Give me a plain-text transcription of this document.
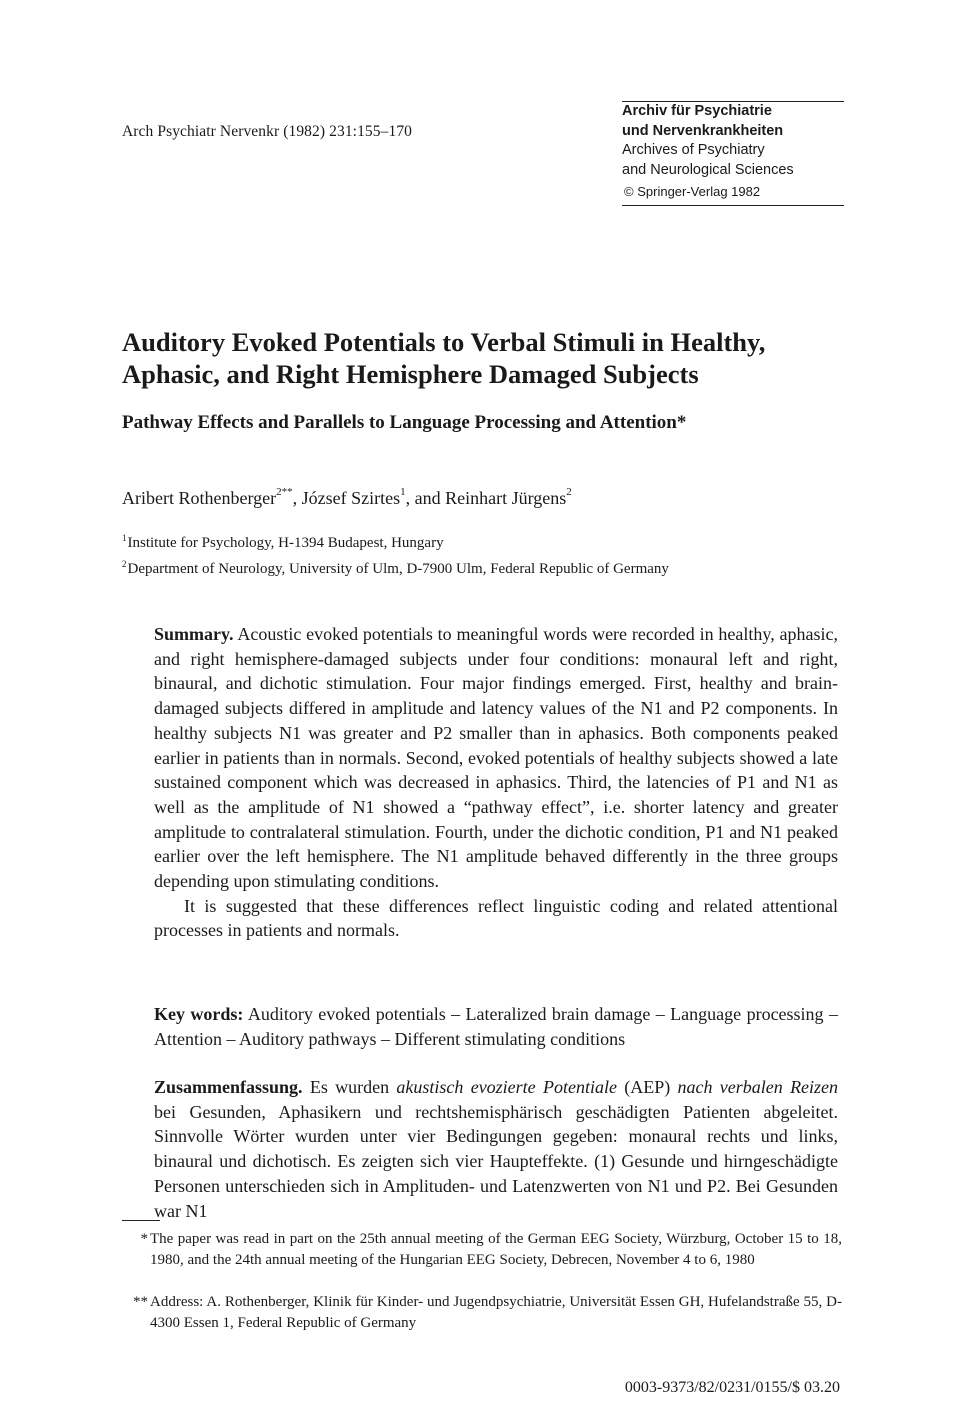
Arch Psychiatr Nervenkr (1982) 231:155–170
Archiv für Psychiatrie
und Nervenkrankheiten
Archives of Psychiatry
and Neurological Sciences
© Springer-Verlag 1982
Auditory Evoked Potentials to Verbal Stimuli in Healthy,
Aphasic, and Right Hemisphere Damaged Subjects
Pathway Effects and Parallels to Language Processing and Attention*
Aribert Rothenberger$^{2**}$, József Szirtes$^1$, and Reinhart Jürgens$^2$
$^1$Institute for Psychology, H-1394 Budapest, Hungary
$^2$Department of Neurology, University of Ulm, D-7900 Ulm, Federal Republic of Germany
Summary. Acoustic evoked potentials to meaningful words were recorded in healthy, aphasic, and right hemisphere-damaged subjects under four conditions: monaural left and right, binaural, and dichotic stimulation. Four major findings emerged. First, healthy and brain-damaged subjects differed in amplitude and latency values of the N1 and P2 components. In healthy subjects N1 was greater and P2 smaller than in aphasics. Both components peaked earlier in patients than in normals. Second, evoked potentials of healthy subjects showed a late sustained component which was decreased in aphasics. Third, the latencies of P1 and N1 as well as the amplitude of N1 showed a “pathway effect”, i.e. shorter latency and greater amplitude to contralateral stimulation. Fourth, under the dichotic condition, P1 and N1 peaked earlier over the left hemisphere. The N1 amplitude behaved differently in the three groups depending upon stimulating conditions.
It is suggested that these differences reflect linguistic coding and related attentional processes in patients and normals.
Key words: Auditory evoked potentials – Lateralized brain damage – Language processing – Attention – Auditory pathways – Different stimulating conditions
Zusammenfassung. Es wurden akustisch evozierte Potentiale (AEP) nach verbalen Reizen bei Gesunden, Aphasikern und rechtshemisphärisch geschädigten Patienten abgeleitet. Sinnvolle Wörter wurden unter vier Bedingungen gegeben: monaural rechts und links, binaural und dichotisch. Es zeigten sich vier Haupteffekte. (1) Gesunde und hirngeschädigte Personen unterschieden sich in Amplituden- und Latenzwerten von N1 und P2. Bei Gesunden war N1
* The paper was read in part on the 25th annual meeting of the German EEG Society, Würzburg, October 15 to 18, 1980, and the 24th annual meeting of the Hungarian EEG Society, Debrecen, November 4 to 6, 1980
** Address: A. Rothenberger, Klinik für Kinder- und Jugendpsychiatrie, Universität Essen GH, Hufelandstraße 55, D-4300 Essen 1, Federal Republic of Germany
0003-9373/82/0231/0155/$ 03.20
